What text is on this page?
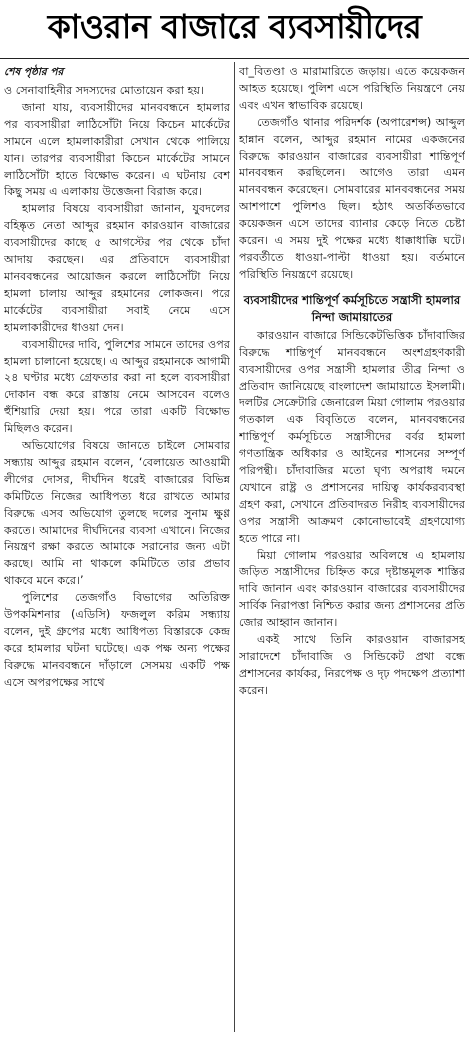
কাওরান বাজারে ব্যবসায়ীদের
শেষ পৃষ্ঠার পর

ও সেনাবাহিনীর সদস্যদের মোতায়েন করা হয়।

জানা যায়, ব্যবসায়ীদের মানববন্ধনে হামলার পর ব্যবসায়ীরা লাঠিসোঁটা নিয়ে কিচেন মার্কেটের সামনে এলে হামলাকারীরা সেখান থেকে পালিয়ে যান। তারপর ব্যবসায়ীরা কিচেন মার্কেটের সামনে লাঠিসোঁটা হাতে বিক্ষোভ করেন। এ ঘটনায় বেশ কিছু সময় এ এলাকায় উত্তেজনা বিরাজ করে।

হামলার বিষয়ে ব্যবসায়ীরা জানান, যুবদলের বহিষ্কৃত নেতা আব্দুর রহমান কারওয়ান বাজারের ব্যবসায়ীদের কাছে ৫ আগস্টের পর থেকে চাঁদা আদায় করছেন। এর প্রতিবাদে ব্যবসায়ীরা মানববন্ধনের আয়োজন করলে লাঠিসোঁটা নিয়ে হামলা চালায় আব্দুর রহমানের লোকজন। পরে মার্কেটের ব্যবসায়ীরা সবাই নেমে এসে হামলাকারীদের ধাওয়া দেন।

ব্যবসায়ীদের দাবি, পুলিশের সামনে তাদের ওপর হামলা চালানো হয়েছে। এ আব্দুর রহমানকে আগামী ২৪ ঘণ্টার মধ্যে গ্রেফতার করা না হলে ব্যবসায়ীরা দোকান বন্ধ করে রাস্তায় নেমে আসবেন বলেও হুঁশিয়ারি দেয়া হয়। পরে তারা একটি বিক্ষোভ মিছিলও করেন।

অভিযোগের বিষয়ে জানতে চাইলে সোমবার সন্ধ্যায় আব্দুর রহমান বলেন, ‘বেলায়েত আওয়ামী লীগের দোসর, দীর্ঘদিন ধরেই বাজারের বিভিন্ন কমিটিতে নিজের আধিপত্য ধরে রাখতে আমার বিরুদ্ধে এসব অভিযোগ তুলছে দলের সুনাম ক্ষুণ্ণ করতে। আমাদের দীর্ঘদিনের ব্যবসা এখানে। নিজের নিয়ন্ত্রণ রক্ষা করতে আমাকে সরানোর জন্য এটা করছে। আমি না থাকলে কমিটিতে তার প্রভাব থাকবে মনে করে।’

পুলিশের তেজগাঁও বিভাগের অতিরিক্ত উপকমিশনার (এডিসি) ফজলুল করিম সন্ধ্যায় বলেন, দুই গ্রুপের মধ্যে আধিপত্য বিস্তারকে কেন্দ্র করে হামলার ঘটনা ঘটেছে। এক পক্ষ অন্য পক্ষের বিরুদ্ধে মানববন্ধনে দাঁড়ালে সেসময় একটি পক্ষ এসে অপরপক্ষের সাথে

বা_বিতণ্ডা ও মারামারিতে জড়ায়। এতে কয়েকজন আহত হয়েছে। পুলিশ এসে পরিস্থিতি নিয়ন্ত্রণে নেয় এবং এখন স্বাভাবিক রয়েছে।

তেজগাঁও থানার পরিদর্শক (অপারেশন্স) আব্দুল হান্নান বলেন, আব্দুর রহমান নামের একজনের বিরুদ্ধে কারওয়ান বাজারের ব্যবসায়ীরা শান্তিপূর্ণ মানববন্ধন করছিলেন। আগেও তারা এমন মানববন্ধন করেছেন। সোমবারের মানববন্ধনের সময় আশপাশে পুলিশও ছিল। হঠাৎ অতর্কিতভাবে কয়েকজন এসে তাদের ব্যানার কেড়ে নিতে চেষ্টা করেন। এ সময় দুই পক্ষের মধ্যে ধাক্কাধাক্কি ঘটে। পরবর্তীতে ধাওয়া-পাল্টা ধাওয়া হয়। বর্তমানে পরিস্থিতি নিয়ন্ত্রণে রয়েছে।

ব্যবসায়ীদের শান্তিপূর্ণ কর্মসূচিতে সন্ত্রাসী হামলার নিন্দা জামায়াতের

কারওয়ান বাজারে সিন্ডিকেটভিত্তিক চাঁদাবাজির বিরুদ্ধে শান্তিপূর্ণ মানববন্ধনে অংশগ্রহণকারী ব্যবসায়ীদের ওপর সন্ত্রাসী হামলার তীব্র নিন্দা ও প্রতিবাদ জানিয়েছে বাংলাদেশ জামায়াতে ইসলামী। দলটির সেক্রেটারি জেনারেল মিয়া গোলাম পরওয়ার গতকাল এক বিবৃতিতে বলেন, মানববন্ধনের শান্তিপূর্ণ কর্মসূচিতে সন্ত্রাসীদের বর্বর হামলা গণতান্ত্রিক অধিকার ও আইনের শাসনের সম্পূর্ণ পরিপন্থী। চাঁদাবাজির মতো ঘৃণ্য অপরাধ দমনে যেখানে রাষ্ট্র ও প্রশাসনের দায়িত্ব কার্যকরব্যবস্থা গ্রহণ করা, সেখানে প্রতিবাদরত নিরীহ ব্যবসায়ীদের ওপর সন্ত্রাসী আক্রমণ কোনোভাবেই গ্রহণযোগ্য হতে পারে না।

মিয়া গোলাম পরওয়ার অবিলম্বে এ হামলায় জড়িত সন্ত্রাসীদের চিহ্নিত করে দৃষ্টান্তমূলক শাস্তির দাবি জানান এবং কারওয়ান বাজারের ব্যবসায়ীদের সার্বিক নিরাপত্তা নিশ্চিত করার জন্য প্রশাসনের প্রতি জোর আহ্বান জানান।

একই সাথে তিনি কারওয়ান বাজারসহ সারাদেশে চাঁদাবাজি ও সিন্ডিকেট প্রথা বন্ধে প্রশাসনের কার্যকর, নিরপেক্ষ ও দৃঢ় পদক্ষেপ প্রত্যাশা করেন।
